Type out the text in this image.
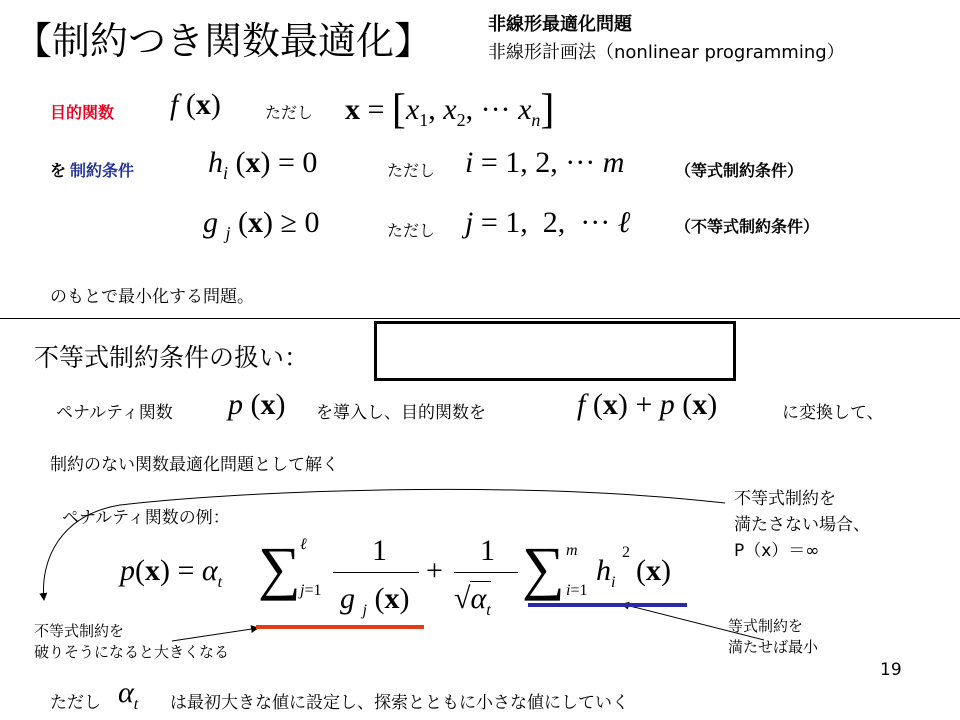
【制約つき関数最適化】	非線形最適化問題
非線形計画法（nonlinear programming）
目的関数 f (x)	ただし $x = [x_1$, $x_2$, ··· $x_n$]
を 制約条件 $h_i$ (x) = 0	ただし i = 1, 2, ··· m	（等式制約条件）
g $_j$ (x) ≥ 0	ただし j = 1,  2,  ··· ℓ	（不等式制約条件）
のもとで最小化する問題。
不等式制約条件の扱い：
ペナルティ関数 p (x) を導入し、目的関数を	f (x) + p (x)	に変換して、
制約のない関数最適化問題として解く
ペナルティ関数の例：
不等式制約を
満たさない場合、
P（x）＝∞
$p(x) = \alpha_t$ ∑ ℓ
j=1
1
g $_j$ (x)
+
1
$√\alpha_t$
∑ m
i=1
$h_i$
2
(x)
不等式制約を
破りそうになると大きくなる
等式制約を
満たせば最小
19
ただし $\alpha_t$ は最初大きな値に設定し、探索とともに小さな値にしていく
